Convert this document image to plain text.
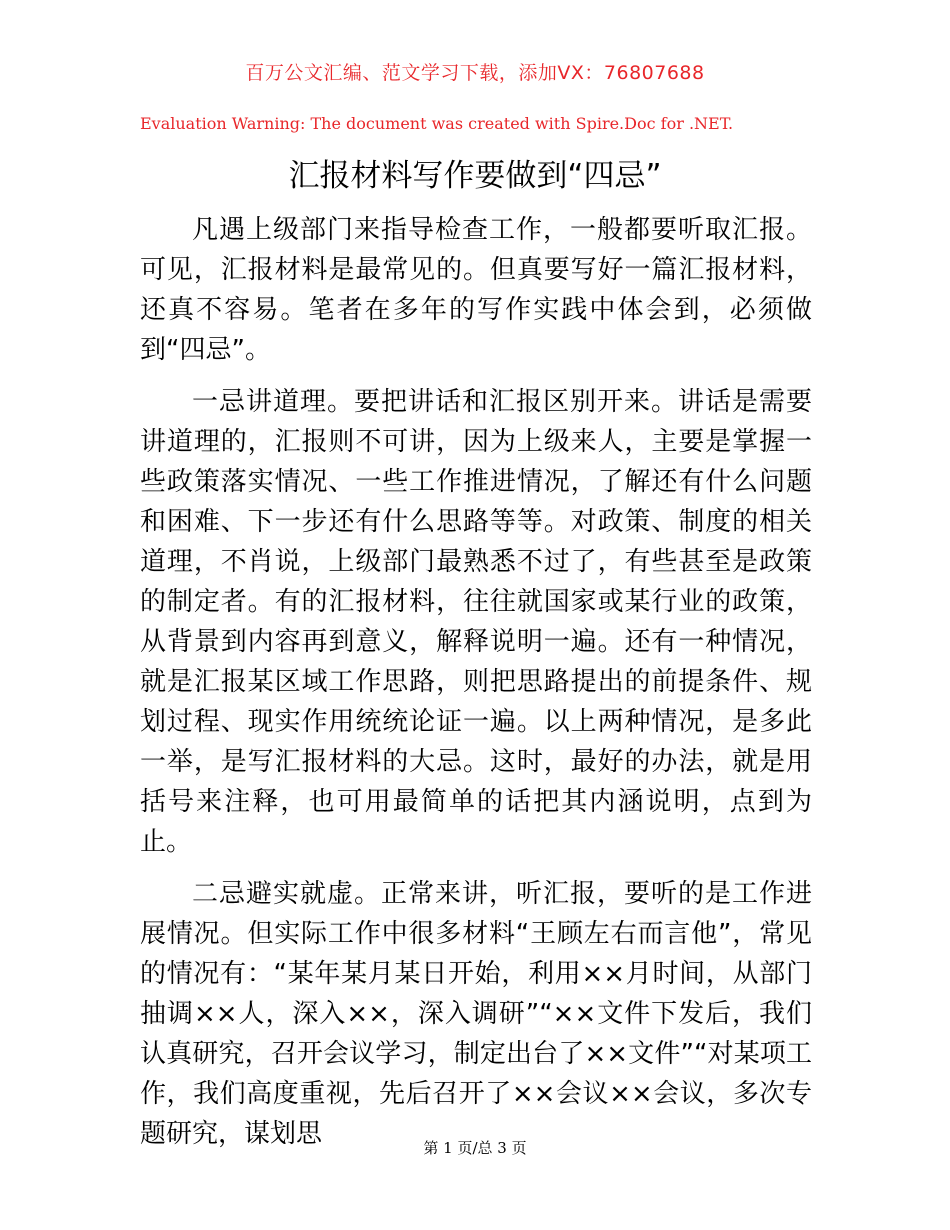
百万公文汇编、范文学习下载，添加VX：76807688
Evaluation Warning: The document was created with Spire.Doc for .NET.
汇报材料写作要做到“四忌”

凡遇上级部门来指导检查工作，一般都要听取汇报。可见，汇报材料是最常见的。但真要写好一篇汇报材料，还真不容易。笔者在多年的写作实践中体会到，必须做到“四忌”。

一忌讲道理。要把讲话和汇报区别开来。讲话是需要讲道理的，汇报则不可讲，因为上级来人，主要是掌握一些政策落实情况、一些工作推进情况，了解还有什么问题和困难、下一步还有什么思路等等。对政策、制度的相关道理，不肖说，上级部门最熟悉不过了，有些甚至是政策的制定者。有的汇报材料，往往就国家或某行业的政策，从背景到内容再到意义，解释说明一遍。还有一种情况，就是汇报某区域工作思路，则把思路提出的前提条件、规划过程、现实作用统统论证一遍。以上两种情况，是多此一举，是写汇报材料的大忌。这时，最好的办法，就是用括号来注释，也可用最简单的话把其内涵说明，点到为止。

二忌避实就虚。正常来讲，听汇报，要听的是工作进展情况。但实际工作中很多材料“王顾左右而言他”，常见的情况有：“某年某月某日开始，利用××月时间，从部门抽调××人，深入××，深入调研”“××文件下发后，我们认真研究，召开会议学习，制定出台了××文件”“对某项工作，我们高度重视，先后召开了××会议××会议，多次专题研究，谋划思	第 1 页/总 3 页
